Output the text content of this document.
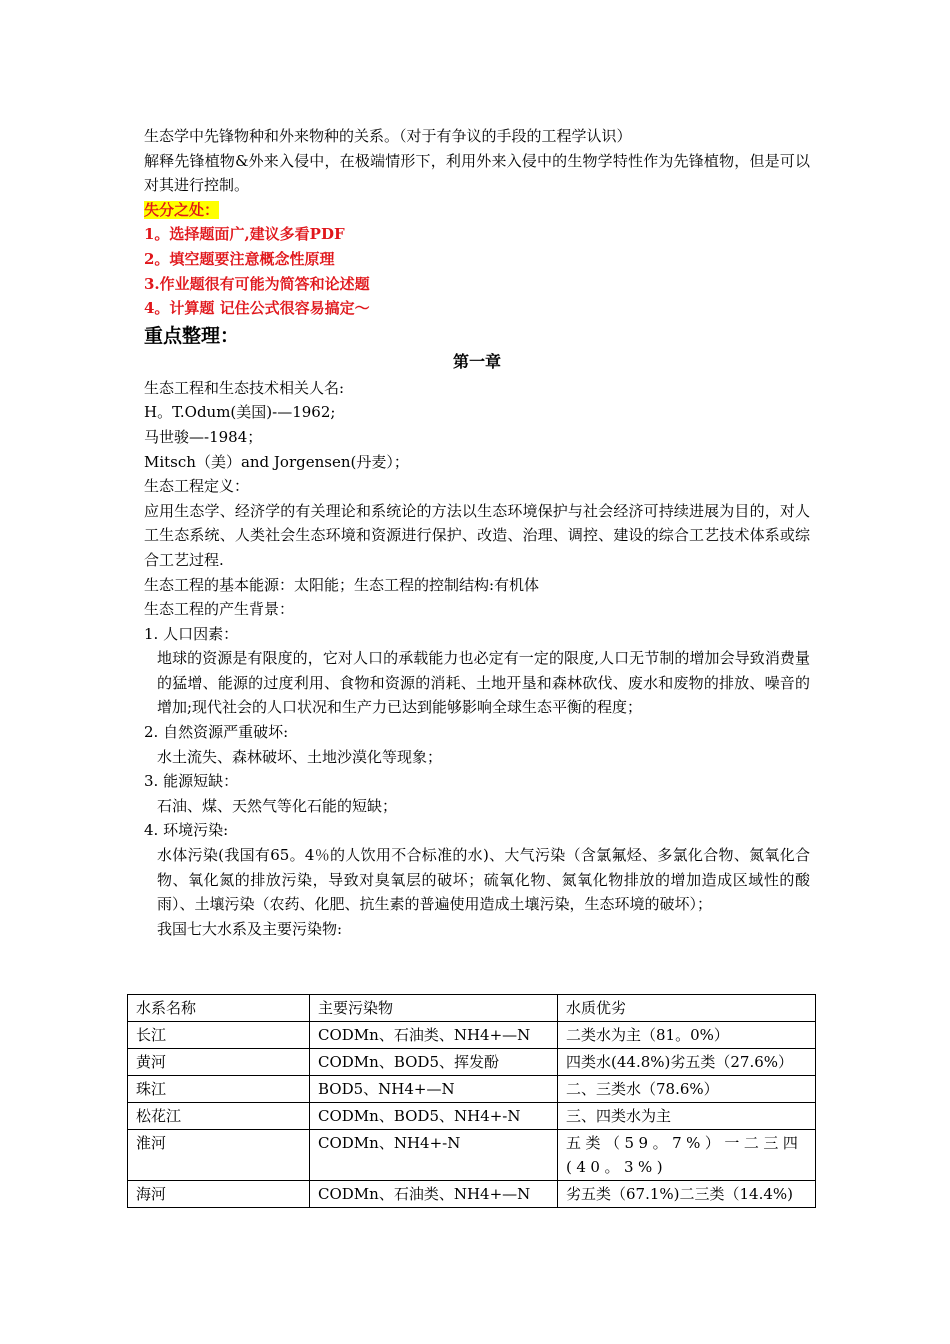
生态学中先锋物种和外来物种的关系。（对于有争议的手段的工程学认识）

解释先锋植物&外来入侵中，在极端情形下，利用外来入侵中的生物学特性作为先锋植物，但是可以对其进行控制。

失分之处：

1。选择题面广,建议多看PDF

2。填空题要注意概念性原理

3.作业题很有可能为简答和论述题

4。计算题 记住公式很容易搞定～

重点整理：

第一章

生态工程和生态技术相关人名:

H。T.Odum(美国)-—1962;

马世骏—-1984；

Mitsch（美）and Jorgensen(丹麦）；

生态工程定义：

应用生态学、经济学的有关理论和系统论的方法以生态环境保护与社会经济可持续进展为目的，对人工生态系统、人类社会生态环境和资源进行保护、改造、治理、调控、建设的综合工艺技术体系或综合工艺过程.

生态工程的基本能源：太阳能；生态工程的控制结构:有机体

生态工程的产生背景：

1. 人口因素：

地球的资源是有限度的，它对人口的承载能力也必定有一定的限度,人口无节制的增加会导致消费量的猛增、能源的过度利用、食物和资源的消耗、土地开垦和森林砍伐、废水和废物的排放、噪音的增加;现代社会的人口状况和生产力已达到能够影响全球生态平衡的程度；

2. 自然资源严重破坏:

水土流失、森林破坏、土地沙漠化等现象；

3. 能源短缺：

石油、煤、天然气等化石能的短缺；

4. 环境污染:

水体污染(我国有65。4％的人饮用不合标准的水)、大气污染（含氯氟烃、多氯化合物、氮氧化合物、氧化氮的排放污染，导致对臭氧层的破坏；硫氧化物、氮氧化物排放的增加造成区域性的酸雨）、土壤污染（农药、化肥、抗生素的普遍使用造成土壤污染，生态环境的破坏）；

我国七大水系及主要污染物:

水系名称	主要污染物	水质优劣
长江	CODMn、石油类、NH4+—N	二类水为主（81。0%）
黄河	CODMn、BOD5、挥发酚	四类水(44.8%)劣五类（27.6%）
珠江	BOD5、NH4+—N	二、三类水（78.6%）
松花江	CODMn、BOD5、NH4+-N	三、四类水为主
淮河	CODMn、NH4+-N	五类（59。7%）一二三四(40。3%)
海河	CODMn、石油类、NH4+—N	劣五类（67.1%)二三类（14.4%)
